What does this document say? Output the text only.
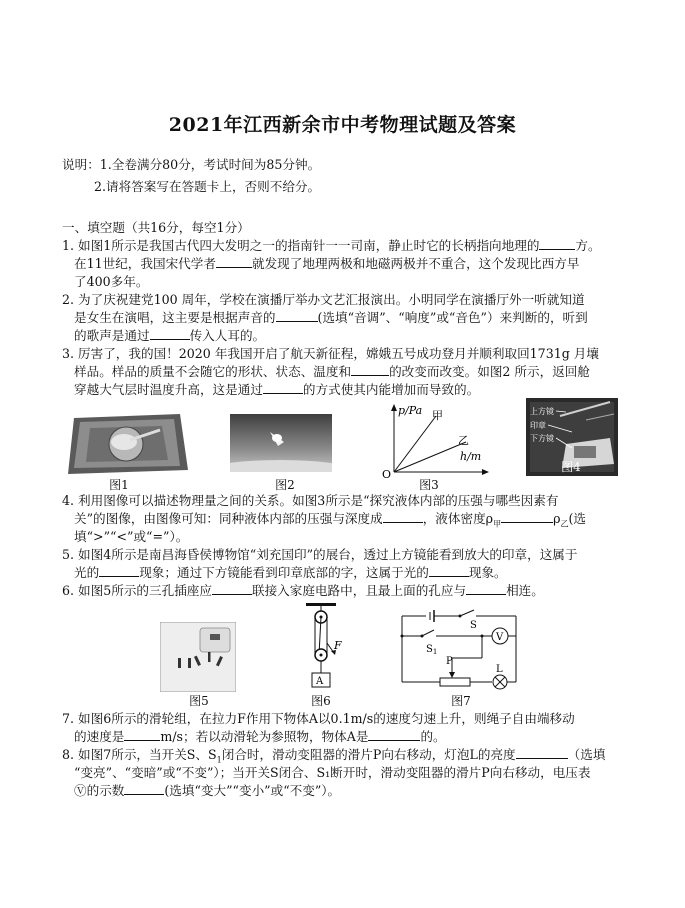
2021年江西新余市中考物理试题及答案
说明：1.全卷满分80分，考试时间为85分钟。
2.请将答案写在答题卡上，否则不给分。
一、填空题（共16分，每空1分）
1. 如图1所示是我国古代四大发明之一的指南针一一司南，静止时它的长柄指向地理的	方。
在11世纪，我国宋代学者	就发现了地理两极和地磁两极并不重合，这个发现比西方早
了400多年。
2. 为了庆祝建党100 周年，学校在演播厅举办文艺汇报演出。小明同学在演播厅外一听就知道
是女生在演唱，这主要是根据声音的	(选填“音调”、“响度”或“音色”）来判断的，听到
的歌声是通过	传入人耳的。
3. 厉害了，我的国！2020 年我国开启了航天新征程，嫦娥五号成功登月并顺利取回1731g 月壤
样品。样品的质量不会随它的形状、状态、温度和	的改变而改变。如图2 所示，返回舱
穿越大气层时温度升高，这是通过	的方式使其内能增加而导致的。
图1	图2
p/Pa 甲
乙
h/m
O
图3
上方镜
印章
下方镜
图4
4. 利用图像可以描述物理量之间的关系。如图3所示是“探究液体内部的压强与哪些因素有
关”的图像，由图像可知：同种液体内部的压强与深度成	，液体密度$\rho_甲$	$\rho_乙$(选
填“>”“<”或“=”）。
5. 如图4所示是南昌海昏侯博物馆“刘充国印”的展台，透过上方镜能看到放大的印章，这属于
光的	现象；通过下方镜能看到印章底部的字，这属于光的	现象。
6. 如图5所示的三孔插座应	联接入家庭电路中，且最上面的孔应与	相连。
图5
F
A
图6
V
$S_1$
S
P
L
图7
7. 如图6所示的滑轮组，在拉力F作用下物体A以0.1m/s的速度匀速上升，则绳子自由端移动
的速度是	m/s；若以动滑轮为参照物，物体A是	的。
8. 如图7所示，当开关S、$S_1$闭合时，滑动变阻器的滑片P向右移动，灯泡L的亮度	（选填
“变亮”、“变暗”或“不变”）；当开关S闭合、S₁断开时，滑动变阻器的滑片P向右移动，电压表
Ⓥ的示数	(选填“变大”“变小”或“不变”）。
